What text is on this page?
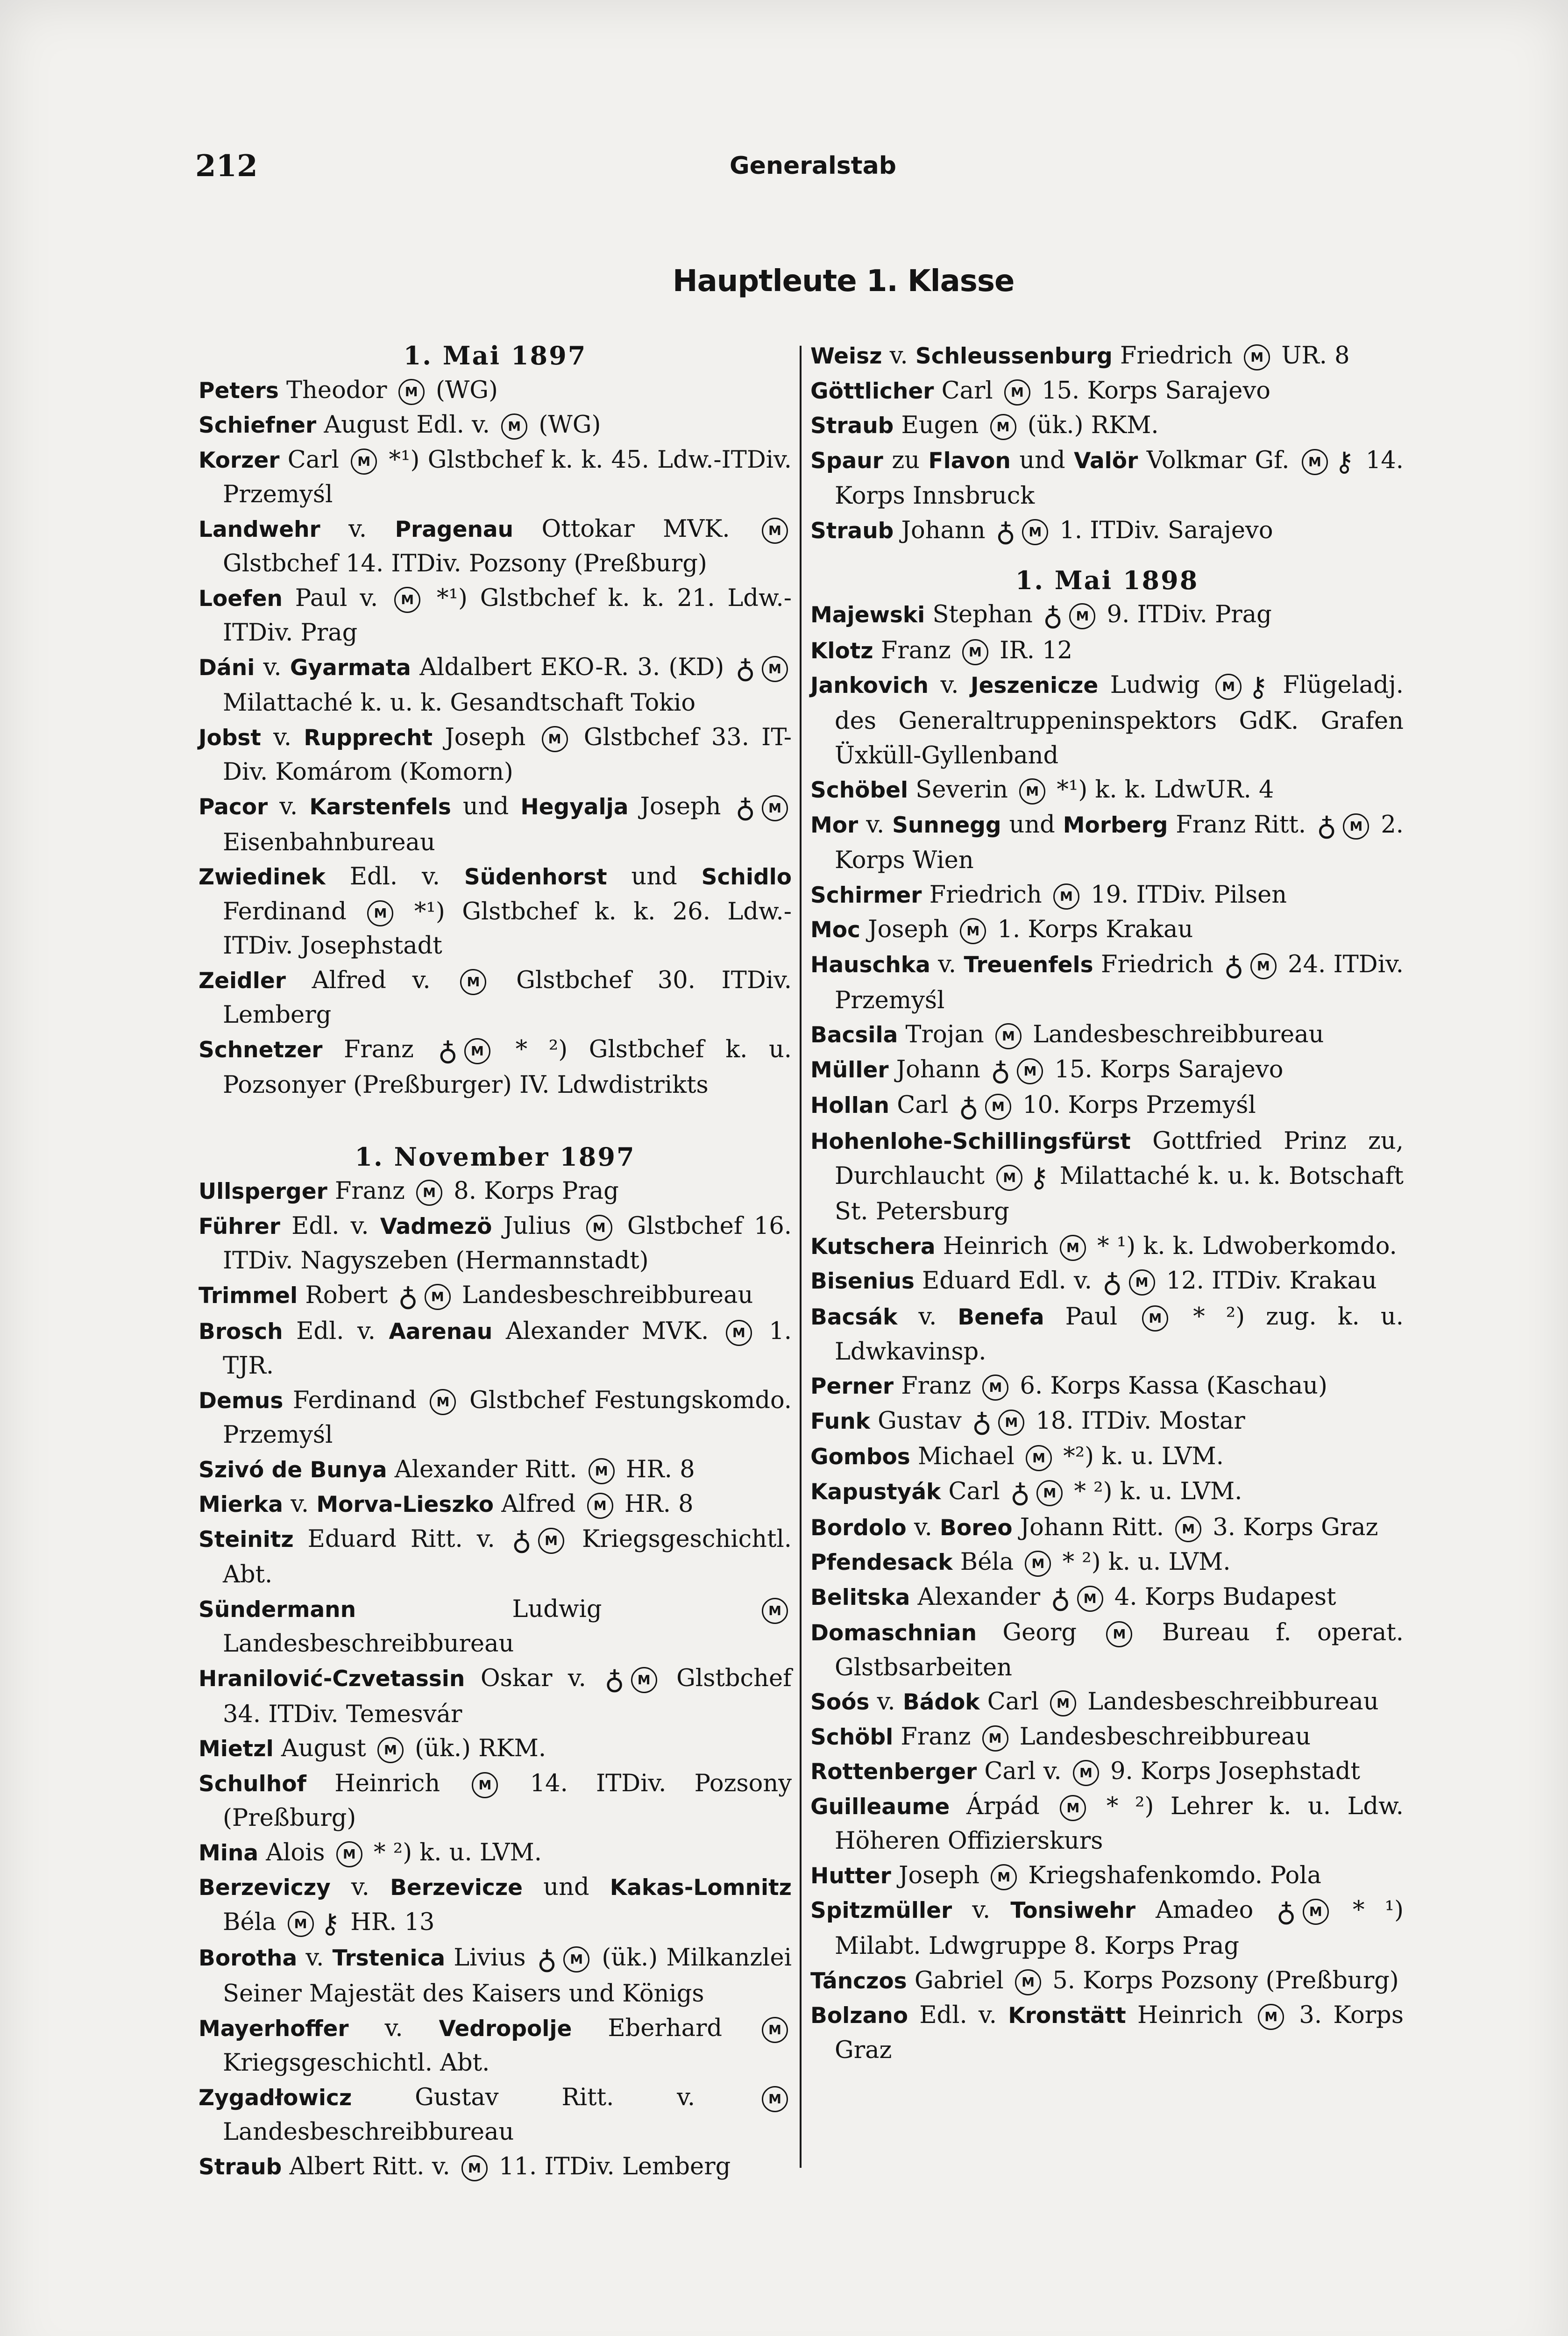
212	Generalstab
Hauptleute 1. Klasse
1. Mai 1897
Peters Theodor M (WG)
Schiefner August Edl. v. M (WG)
Korzer Carl M *¹) Glstbchef k. k. 45. Ldw.-ITDiv. Przemyśl
Landwehr v. Pragenau Ottokar MVK. M Glstbchef 14. ITDiv. Pozsony (Preßburg)
Loefen Paul v. M *¹) Glstbchef k. k. 21. Ldw.-ITDiv. Prag
Dáni v. Gyarmata Aldalbert EKO-R. 3. (KD) ♁ M Milattaché k. u. k. Gesandtschaft Tokio
Jobst v. Rupprecht Joseph M Glstbchef 33. IT-Div. Komárom (Komorn)
Pacor v. Karstenfels und Hegyalja Joseph ♁ M Eisenbahnbureau
Zwiedinek Edl. v. Südenhorst und Schidlo Ferdinand M *¹) Glstbchef k. k. 26. Ldw.-ITDiv. Josephstadt
Zeidler Alfred v. M Glstbchef 30. ITDiv. Lemberg
Schnetzer Franz ♁ M * ²) Glstbchef k. u. Pozsonyer (Preßburger) IV. Ldwdistrikts
1. November 1897
Ullsperger Franz M 8. Korps Prag
Führer Edl. v. Vadmezö Julius M Glstbchef 16. ITDiv. Nagyszeben (Hermannstadt)
Trimmel Robert ♁ M Landesbeschreibbureau
Brosch Edl. v. Aarenau Alexander MVK. M 1. TJR.
Demus Ferdinand M Glstbchef Festungskomdo. Przemyśl
Szivó de Bunya Alexander Ritt. M HR. 8
Mierka v. Morva-Lieszko Alfred M HR. 8
Steinitz Eduard Ritt. v. ♁ M Kriegsgeschichtl. Abt.
Sündermann Ludwig M Landesbeschreibbureau
Hranilović-Czvetassin Oskar v. ♁ M Glstbchef 34. ITDiv. Temesvár
Mietzl August M (ük.) RKM.
Schulhof Heinrich M 14. ITDiv. Pozsony (Preßburg)
Mina Alois M * ²) k. u. LVM.
Berzeviczy v. Berzevicze und Kakas-Lomnitz Béla M ⚷ HR. 13
Borotha v. Trstenica Livius ♁ M (ük.) Milkanzlei Seiner Majestät des Kaisers und Königs
Mayerhoffer v. Vedropolje Eberhard M Kriegsgeschichtl. Abt.
Zygadłowicz Gustav Ritt. v. M Landesbeschreibbureau
Straub Albert Ritt. v. M 11. ITDiv. Lemberg
Weisz v. Schleussenburg Friedrich M UR. 8
Göttlicher Carl M 15. Korps Sarajevo
Straub Eugen M (ük.) RKM.
Spaur zu Flavon und Valör Volkmar Gf. M ⚷ 14. Korps Innsbruck
Straub Johann ♁ M 1. ITDiv. Sarajevo
1. Mai 1898
Majewski Stephan ♁ M 9. ITDiv. Prag
Klotz Franz M IR. 12
Jankovich v. Jeszenicze Ludwig M ⚷ Flügeladj. des Generaltruppeninspektors GdK. Grafen Üxküll-Gyllenband
Schöbel Severin M *¹) k. k. LdwUR. 4
Mor v. Sunnegg und Morberg Franz Ritt. ♁ M 2. Korps Wien
Schirmer Friedrich M 19. ITDiv. Pilsen
Moc Joseph M 1. Korps Krakau
Hauschka v. Treuenfels Friedrich ♁ M 24. ITDiv. Przemyśl
Bacsila Trojan M Landesbeschreibbureau
Müller Johann ♁ M 15. Korps Sarajevo
Hollan Carl ♁ M 10. Korps Przemyśl
Hohenlohe-Schillingsfürst Gottfried Prinz zu, Durchlaucht M ⚷ Milattaché k. u. k. Botschaft St. Petersburg
Kutschera Heinrich M * ¹) k. k. Ldwoberkomdo.
Bisenius Eduard Edl. v. ♁ M 12. ITDiv. Krakau
Bacsák v. Benefa Paul M * ²) zug. k. u. Ldwkavinsp.
Perner Franz M 6. Korps Kassa (Kaschau)
Funk Gustav ♁ M 18. ITDiv. Mostar
Gombos Michael M *²) k. u. LVM.
Kapustyák Carl ♁ M * ²) k. u. LVM.
Bordolo v. Boreo Johann Ritt. M 3. Korps Graz
Pfendesack Béla M * ²) k. u. LVM.
Belitska Alexander ♁ M 4. Korps Budapest
Domaschnian Georg M Bureau f. operat. Glstbsarbeiten
Soós v. Bádok Carl M Landesbeschreibbureau
Schöbl Franz M Landesbeschreibbureau
Rottenberger Carl v. M 9. Korps Josephstadt
Guilleaume Árpád M * ²) Lehrer k. u. Ldw. Höheren Offizierskurs
Hutter Joseph M Kriegshafenkomdo. Pola
Spitzmüller v. Tonsiwehr Amadeo ♁ M * ¹) Milabt. Ldwgruppe 8. Korps Prag
Tánczos Gabriel M 5. Korps Pozsony (Preßburg)
Bolzano Edl. v. Kronstätt Heinrich M 3. Korps Graz
